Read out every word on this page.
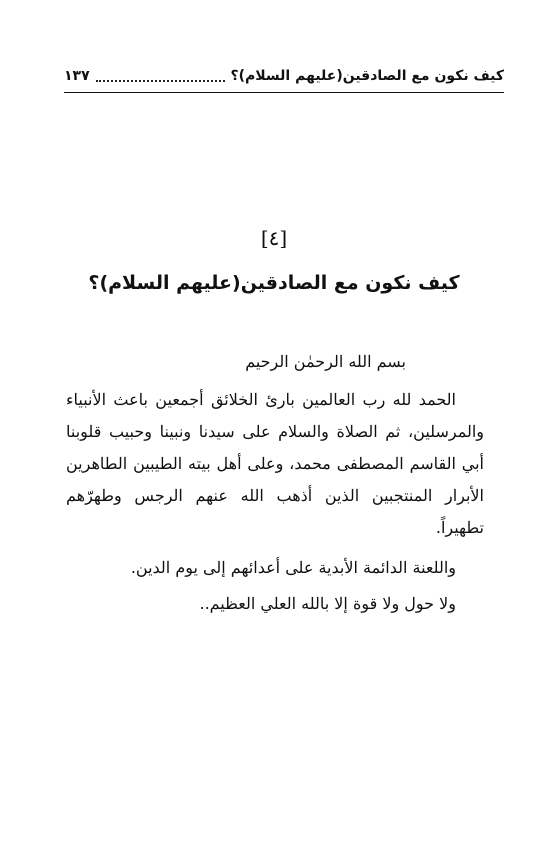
كيف نكون مع الصادقين(عليهم السلام)؟
١٣٧
[٤]
كيف نكون مع الصادقين(عليهم السلام)؟

بسم الله الرحمٰن الرحيم

الحمد لله رب العالمين بارئ الخلائق أجمعين باعث الأنبياء والمرسلين، ثم الصلاة والسلام على سيدنا ونبينا وحبيب قلوبنا أبي القاسم المصطفى محمد، وعلى أهل بيته الطيبين الطاهرين الأبرار المنتجبين الذين أذهب الله عنهم الرجس وطهرّهم تطهيراً.

واللعنة الدائمة الأبدية على أعدائهم إلى يوم الدين.

ولا حول ولا قوة إلا بالله العلي العظيم..
